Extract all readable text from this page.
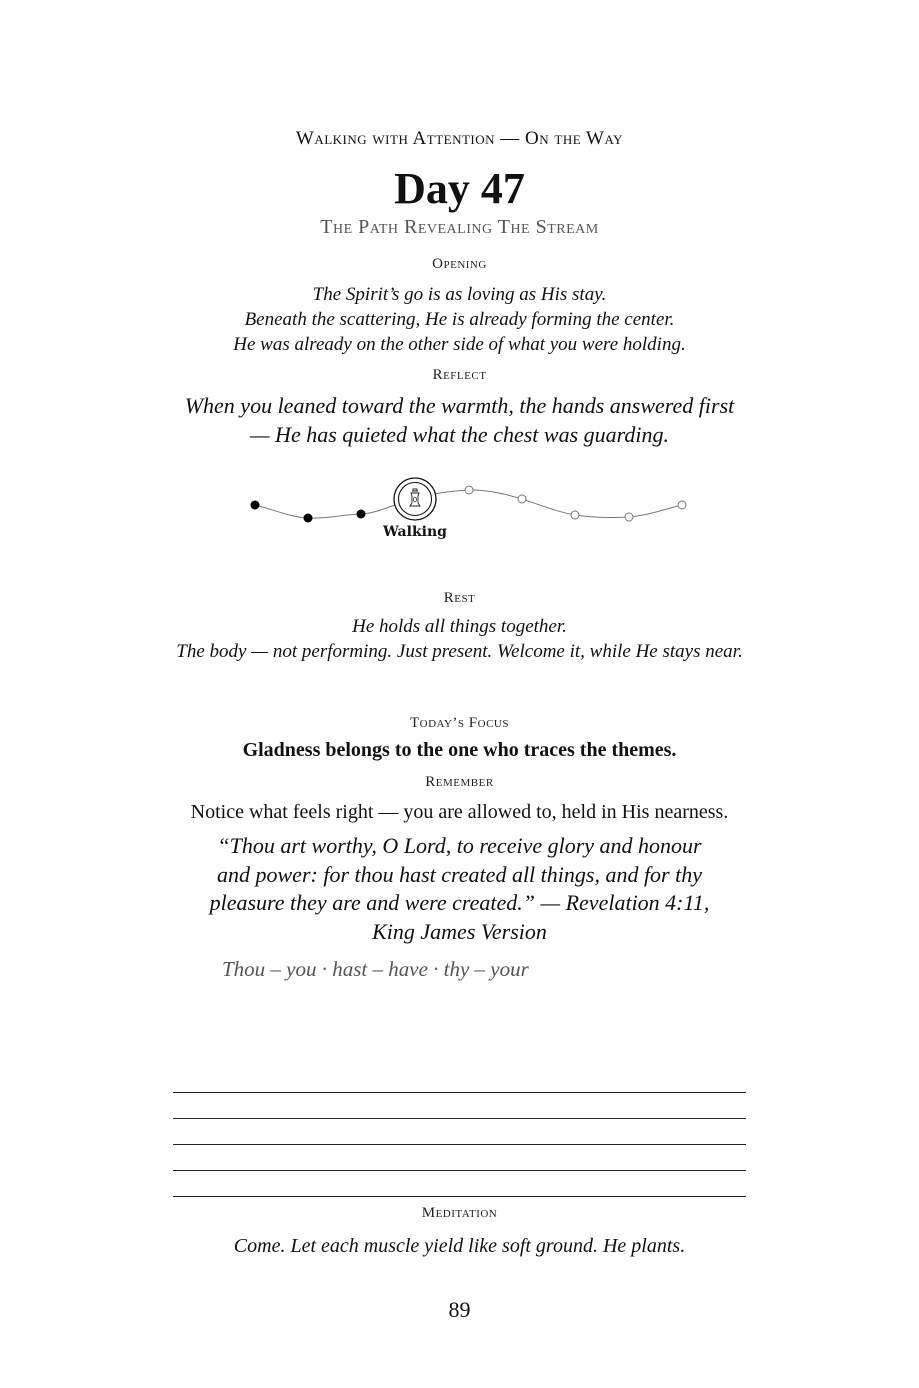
Walking with Attention — On the Way
Day 47
The Path Revealing The Stream
Opening
The Spirit’s go is as loving as His stay.
Beneath the scattering, He is already forming the center.
He was already on the other side of what you were holding.
Reflect
When you leaned toward the warmth, the hands answered first
— He has quieted what the chest was guarding.
Walking
Rest
He holds all things together.
The body — not performing. Just present. Welcome it, while He stays near.
Today’s Focus
Gladness belongs to the one who traces the themes.
Remember
Notice what feels right — you are allowed to, held in His nearness.
“Thou art worthy, O Lord, to receive glory and honour and power: for thou hast created all things, and for thy pleasure they are and were created.” — Revelation 4:11, King James Version
Thou – you · hast – have · thy – your
Meditation
Come. Let each muscle yield like soft ground. He plants.
89
